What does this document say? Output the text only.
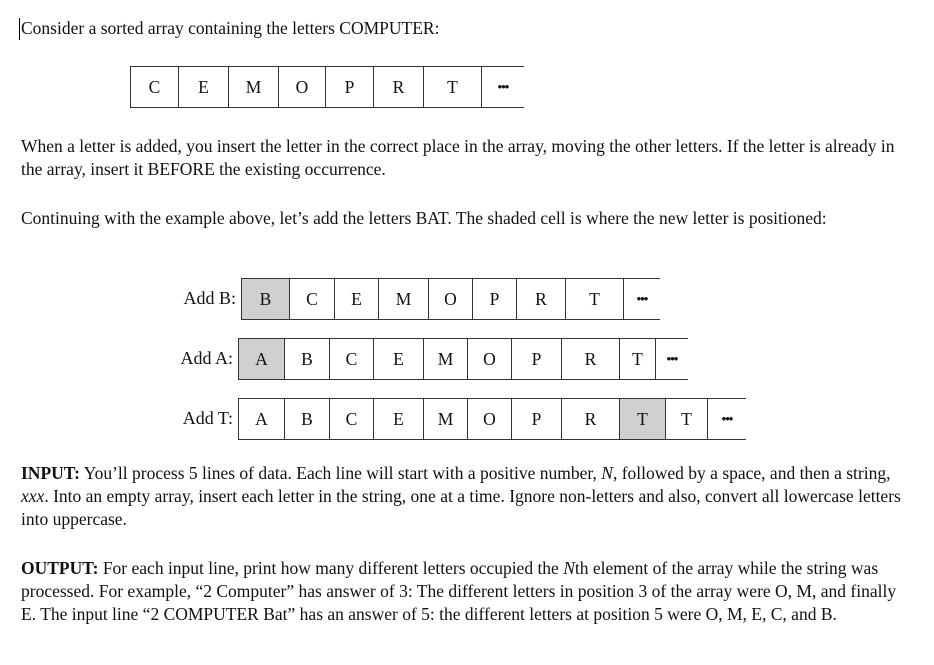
Consider a sorted array containing the letters COMPUTER:

C	E	M	O	P	R	T	•••

When a letter is added, you insert the letter in the correct place in the array, moving the other letters. If the letter is already in the array, insert it BEFORE the existing occurrence.

Continuing with the example above, let’s add the letters BAT. The shaded cell is where the new letter is positioned:

Add B:	B	C	E	M	O	P	R	T	•••
Add A:	A	B	C	E	M	O	P	R	T	•••
Add T:	A	B	C	E	M	O	P	R	T	T	•••

INPUT: You’ll process 5 lines of data. Each line will start with a positive number, N, followed by a space, and then a string, xxx. Into an empty array, insert each letter in the string, one at a time. Ignore non-letters and also, convert all lowercase letters into uppercase.

OUTPUT: For each input line, print how many different letters occupied the Nth element of the array while the string was processed. For example, “2 Computer” has answer of 3: The different letters in position 3 of the array were O, M, and finally E. The input line “2 COMPUTER Bat” has an answer of 5: the different letters at position 5 were O, M, E, C, and B.
